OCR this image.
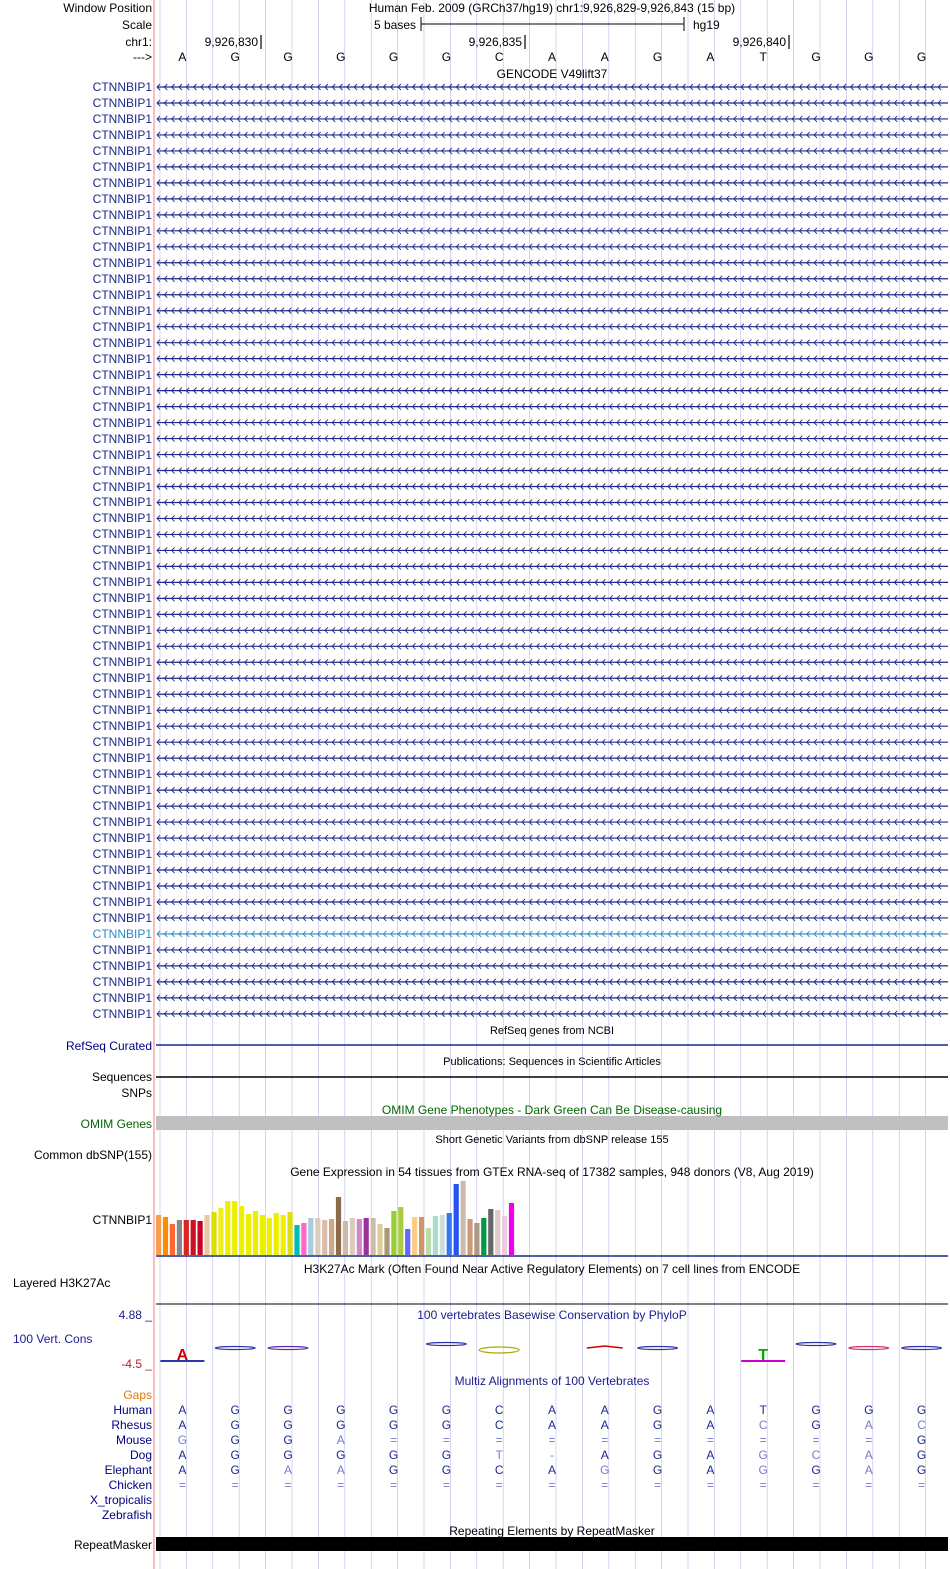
A	T
Window Position	Human Feb. 2009 (GRCh37/hg19) chr1:9,926,829-9,926,843 (15 bp)
Scale	5 bases	hg19
chr1:	9,926,830	9,926,835	9,926,840
--->	A	G	G	G	G	G	C	A	A	G	A	T	G	G	G
GENCODE V49lift37
CTNNBIP1
CTNNBIP1
CTNNBIP1
CTNNBIP1
CTNNBIP1
CTNNBIP1
CTNNBIP1
CTNNBIP1
CTNNBIP1
CTNNBIP1
CTNNBIP1
CTNNBIP1
CTNNBIP1
CTNNBIP1
CTNNBIP1
CTNNBIP1
CTNNBIP1
CTNNBIP1
CTNNBIP1
CTNNBIP1
CTNNBIP1
CTNNBIP1
CTNNBIP1
CTNNBIP1
CTNNBIP1
CTNNBIP1
CTNNBIP1
CTNNBIP1
CTNNBIP1
CTNNBIP1
CTNNBIP1
CTNNBIP1
CTNNBIP1
CTNNBIP1
CTNNBIP1
CTNNBIP1
CTNNBIP1
CTNNBIP1
CTNNBIP1
CTNNBIP1
CTNNBIP1
CTNNBIP1
CTNNBIP1
CTNNBIP1
CTNNBIP1
CTNNBIP1
CTNNBIP1
CTNNBIP1
CTNNBIP1
CTNNBIP1
CTNNBIP1
CTNNBIP1
CTNNBIP1
CTNNBIP1
CTNNBIP1
CTNNBIP1
CTNNBIP1
CTNNBIP1
CTNNBIP1
RefSeq genes from NCBI
RefSeq Curated
Publications: Sequences in Scientific Articles
Sequences
SNPs
OMIM Gene Phenotypes - Dark Green Can Be Disease-causing
OMIM Genes
Short Genetic Variants from dbSNP release 155
Common dbSNP(155)
Gene Expression in 54 tissues from GTEx RNA-seq of 17382 samples, 948 donors (V8, Aug 2019)
CTNNBIP1
H3K27Ac Mark (Often Found Near Active Regulatory Elements) on 7 cell lines from ENCODE
Layered H3K27Ac
100 vertebrates Basewise Conservation by PhyloP
4.88 _
100 Vert. Cons
-4.5 _
Multiz Alignments of 100 Vertebrates
Gaps
Human	A	G	G	G	G	G	C	A	A	G	A	T	G	G	G
Rhesus	A	G	G	G	G	G	C	A	A	G	A	C	G	A	C
Mouse	G	G	G	A	=	=	=	=	=	=	=	=	=	=	G
Dog	A	G	G	G	G	G	T	-	A	G	A	G	C	A	G
Elephant	A	G	A	A	G	G	C	A	G	G	A	G	G	A	G
Chicken	=	=	=	=	=	=	=	=	=	=	=	=	=	=	=
X_tropicalis
Zebrafish
Repeating Elements by RepeatMasker
RepeatMasker
